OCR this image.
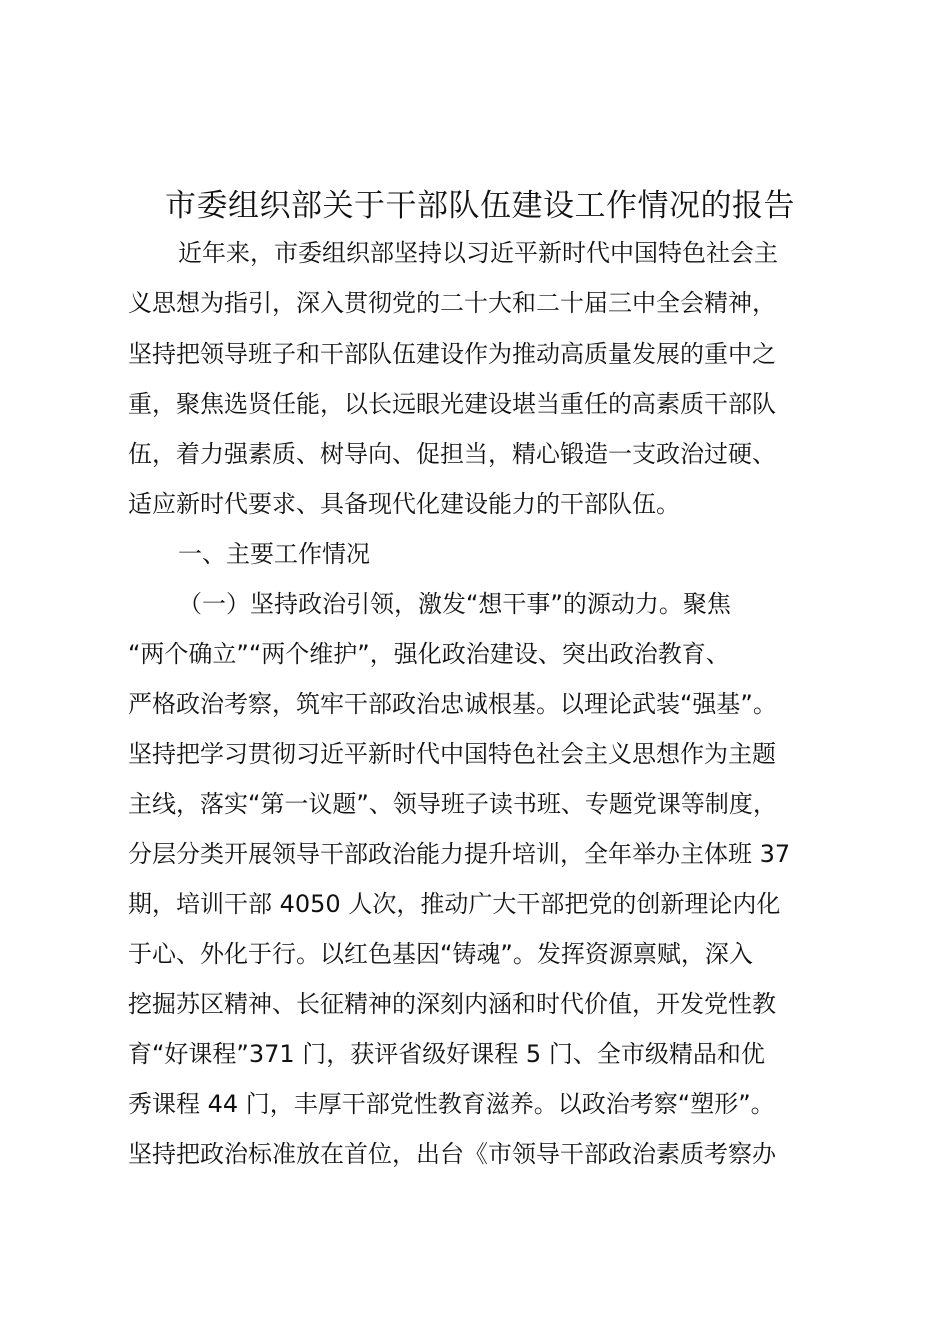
市委组织部关于干部队伍建设工作情况的报告

近年来，市委组织部坚持以习近平新时代中国特色社会主

义思想为指引，深入贯彻党的二十大和二十届三中全会精神，

坚持把领导班子和干部队伍建设作为推动高质量发展的重中之

重，聚焦选贤任能，以长远眼光建设堪当重任的高素质干部队

伍，着力强素质、树导向、促担当，精心锻造一支政治过硬、

适应新时代要求、具备现代化建设能力的干部队伍。

一、主要工作情况

（一）坚持政治引领，激发“想干事”的源动力。聚焦

“两个确立”“两个维护”，强化政治建设、突出政治教育、

严格政治考察，筑牢干部政治忠诚根基。以理论武装“强基”。

坚持把学习贯彻习近平新时代中国特色社会主义思想作为主题

主线，落实“第一议题”、领导班子读书班、专题党课等制度，

分层分类开展领导干部政治能力提升培训，全年举办主体班 37

期，培训干部 4050 人次，推动广大干部把党的创新理论内化

于心、外化于行。以红色基因“铸魂”。发挥资源禀赋，深入

挖掘苏区精神、长征精神的深刻内涵和时代价值，开发党性教

育“好课程”371 门，获评省级好课程 5 门、全市级精品和优

秀课程 44 门，丰厚干部党性教育滋养。以政治考察“塑形”。

坚持把政治标准放在首位，出台《市领导干部政治素质考察办
